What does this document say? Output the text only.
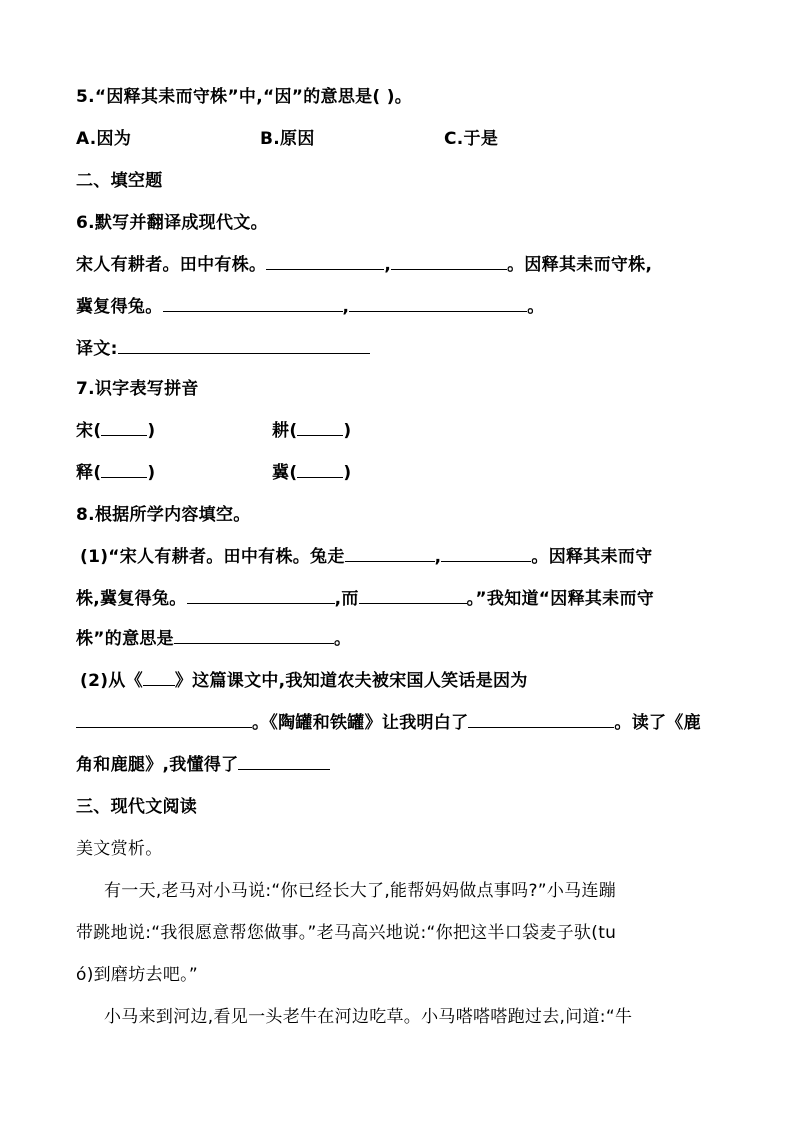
5.“因释其耒而守株”中,“因”的意思是( )。
A.因为	B.原因	C.于是
二、填空题
6.默写并翻译成现代文。
宋人有耕者。田中有株。	,	。因释其耒而守株,
冀复得兔。	,	。
译文:
7.识字表写拼音
宋(	)	耕(	)
释(	)	冀(	)
8.根据所学内容填空。
(1)“宋人有耕者。田中有株。兔走	,	。因释其耒而守
株,冀复得兔。	,而	。”我知道“因释其耒而守
株”的意思是	。
(2)从《 》这篇课文中,我知道农夫被宋国人笑话是因为
。《陶罐和铁罐》让我明白了	。读了《鹿
角和鹿腿》,我懂得了
三、现代文阅读
美文赏析。
有一天,老马对小马说:“你已经长大了,能帮妈妈做点事吗?”小马连蹦
带跳地说:“我很愿意帮您做事。”老马高兴地说:“你把这半口袋麦子驮(tu
ó)到磨坊去吧。”
小马来到河边,看见一头老牛在河边吃草。小马嗒嗒嗒跑过去,问道:“牛
